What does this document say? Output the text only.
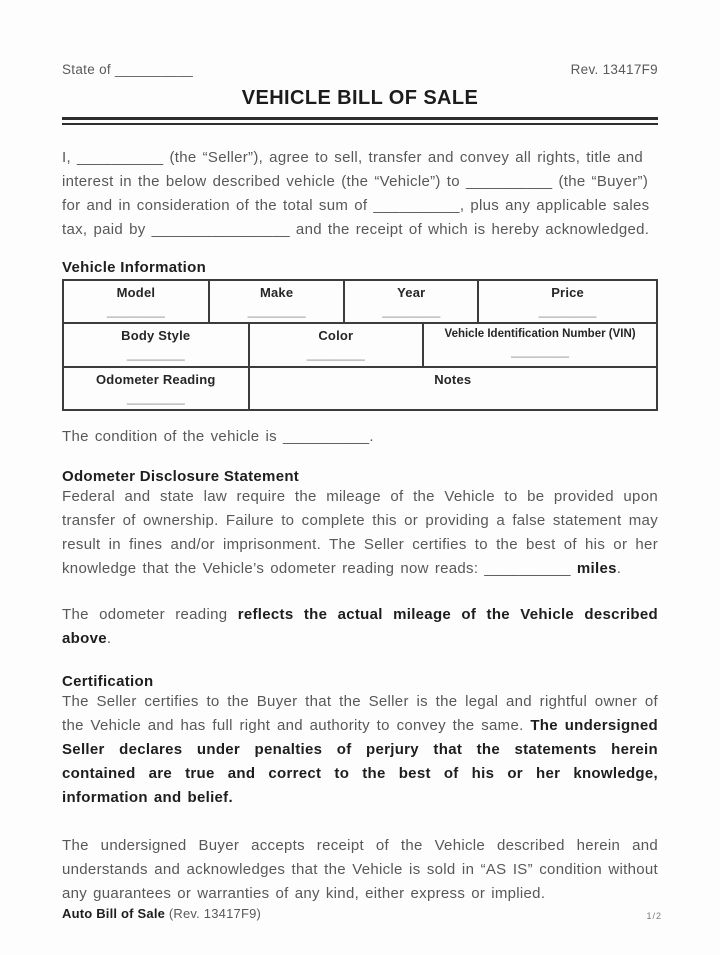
State of __________	Rev. 13417F9
VEHICLE BILL OF SALE

I, __________ (the “Seller”), agree to sell, transfer and convey all rights, title and interest in the below described vehicle (the “Vehicle”) to __________ (the “Buyer”) for and in consideration of the total sum of __________, plus any applicable sales tax, paid by ________________ and the receipt of which is hereby acknowledged.

Vehicle Information
Model
________
Make
________
Year
________
Price
________
Body Style
________
Color
________
Vehicle Identification Number (VIN)
________
Odometer Reading
________
Notes

The condition of the vehicle is __________.

Odometer Disclosure Statement

Federal and state law require the mileage of the Vehicle to be provided upon transfer of ownership. Failure to complete this or providing a false statement may result in fines and/or imprisonment. The Seller certifies to the best of his or her knowledge that the Vehicle’s odometer reading now reads: __________ miles.

The odometer reading reflects the actual mileage of the Vehicle described above.

Certification

The Seller certifies to the Buyer that the Seller is the legal and rightful owner of the Vehicle and has full right and authority to convey the same. The undersigned Seller declares under penalties of perjury that the statements herein contained are true and correct to the best of his or her knowledge, information and belief.

The undersigned Buyer accepts receipt of the Vehicle described herein and understands and acknowledges that the Vehicle is sold in “AS IS” condition without any guarantees or warranties of any kind, either express or implied.

Auto Bill of Sale (Rev. 13417F9)	1/2
